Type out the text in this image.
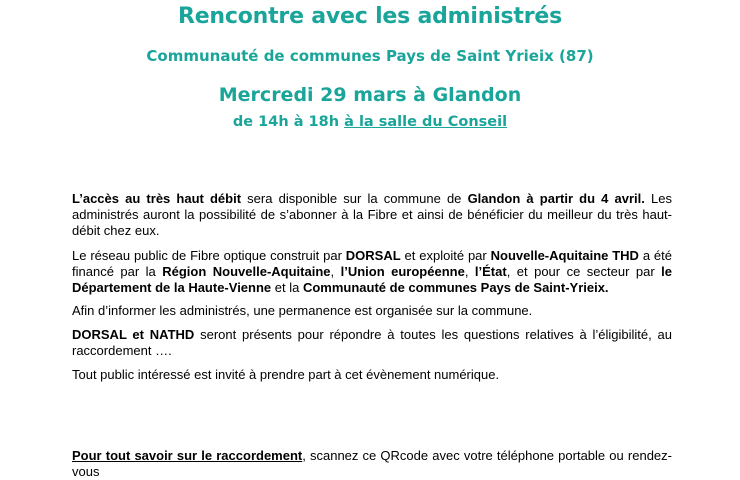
Rencontre avec les administrés
Communauté de communes Pays de Saint Yrieix (87)
Mercredi 29 mars à Glandon
de 14h à 18h à la salle du Conseil
L’accès au très haut débit sera disponible sur la commune de Glandon à partir du 4 avril. Les administrés auront la possibilité de s’abonner à la Fibre et ainsi de bénéficier du meilleur du très haut-débit chez eux.
Le réseau public de Fibre optique construit par DORSAL et exploité par Nouvelle-Aquitaine THD a été financé par la Région Nouvelle-Aquitaine, l’Union européenne, l’État, et pour ce secteur par le Département de la Haute-Vienne et la Communauté de communes Pays de Saint-Yrieix.
Afin d’informer les administrés, une permanence est organisée sur la commune.
DORSAL et NATHD seront présents pour répondre à toutes les questions relatives à l’éligibilité, au raccordement ….
Tout public intéressé est invité à prendre part à cet évènement numérique.
Pour tout savoir sur le raccordement, scannez ce QRcode avec votre téléphone portable ou rendez-vous
